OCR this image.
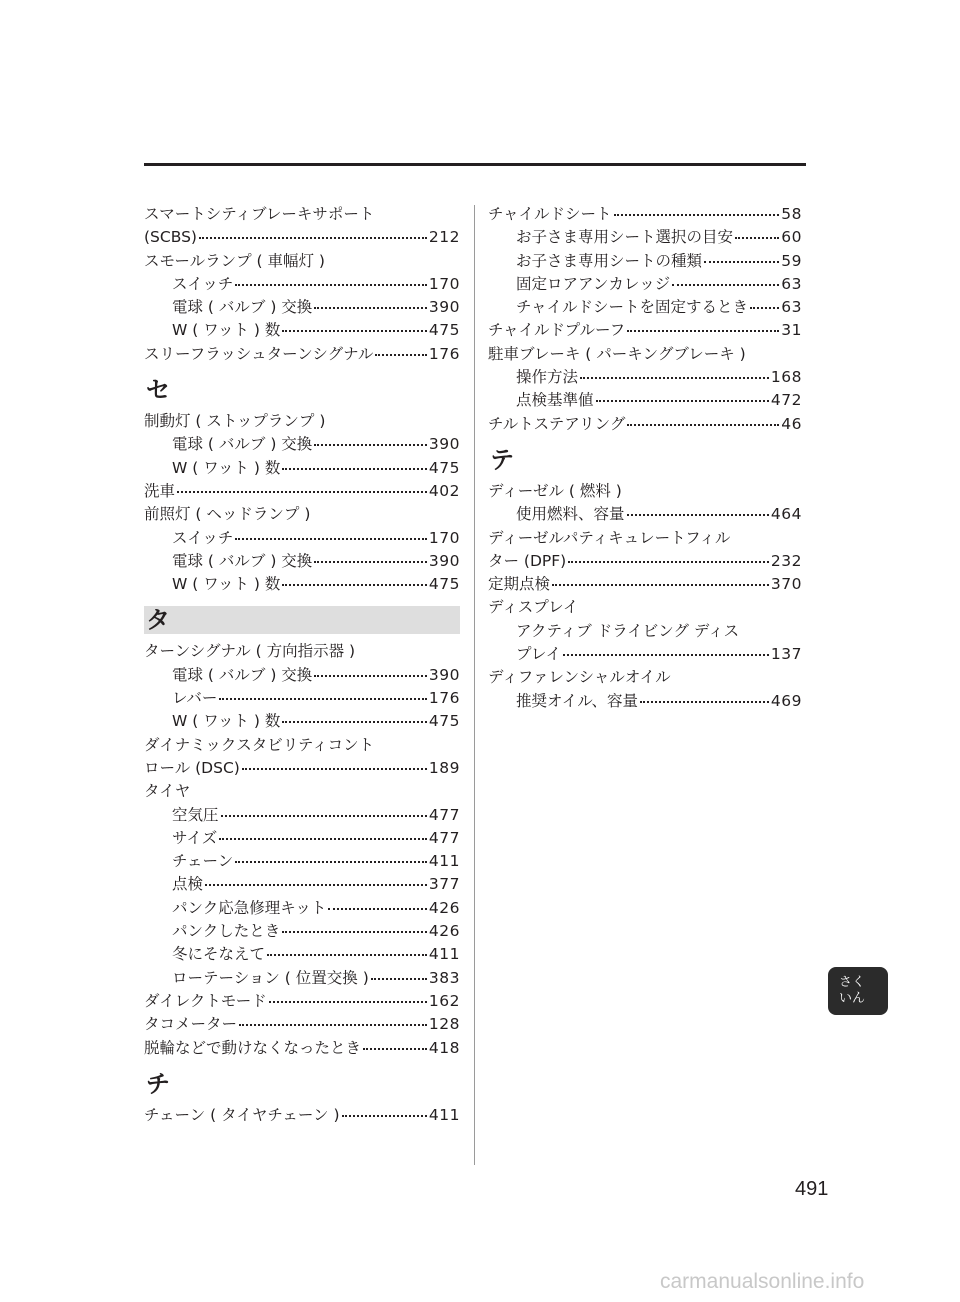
スマートシティブレーキサポート
(SCBS)	212
スモールランプ ( 車幅灯 )
スイッチ	170
電球 ( バルブ ) 交換	390
W ( ワット ) 数	475
スリーフラッシュターンシグナル	176
セ
制動灯 ( ストップランプ )
電球 ( バルブ ) 交換	390
W ( ワット ) 数	475
洗車	402
前照灯 ( ヘッドランプ )
スイッチ	170
電球 ( バルブ ) 交換	390
W ( ワット ) 数	475
タ
ターンシグナル ( 方向指示器 )
電球 ( バルブ ) 交換	390
レバー	176
W ( ワット ) 数	475
ダイナミックスタビリティコント
ロール (DSC)	189
タイヤ
空気圧	477
サイズ	477
チェーン	411
点検	377
パンク応急修理キット	426
パンクしたとき	426
冬にそなえて	411
ローテーション ( 位置交換 )	383
ダイレクトモード	162
タコメーター	128
脱輪などで動けなくなったとき	418
チ
チェーン ( タイヤチェーン )	411
チャイルドシート	58
お子さま専用シート選択の目安	60
お子さま専用シートの種類	59
固定ロアアンカレッジ	63
チャイルドシートを固定するとき 63
チャイルドプルーフ	31
駐車ブレーキ ( パーキングブレーキ )
操作方法	168
点検基準値	472
チルトステアリング	46
テ
ディーゼル ( 燃料 )
使用燃料、容量	464
ディーゼルパティキュレートフィル
ター (DPF)	232
定期点検	370
ディスプレイ
アクティブ ドライビング ディス
プレイ	137
ディファレンシャルオイル
推奨オイル、容量	469
さく
いん
491
carmanualsonline.info
